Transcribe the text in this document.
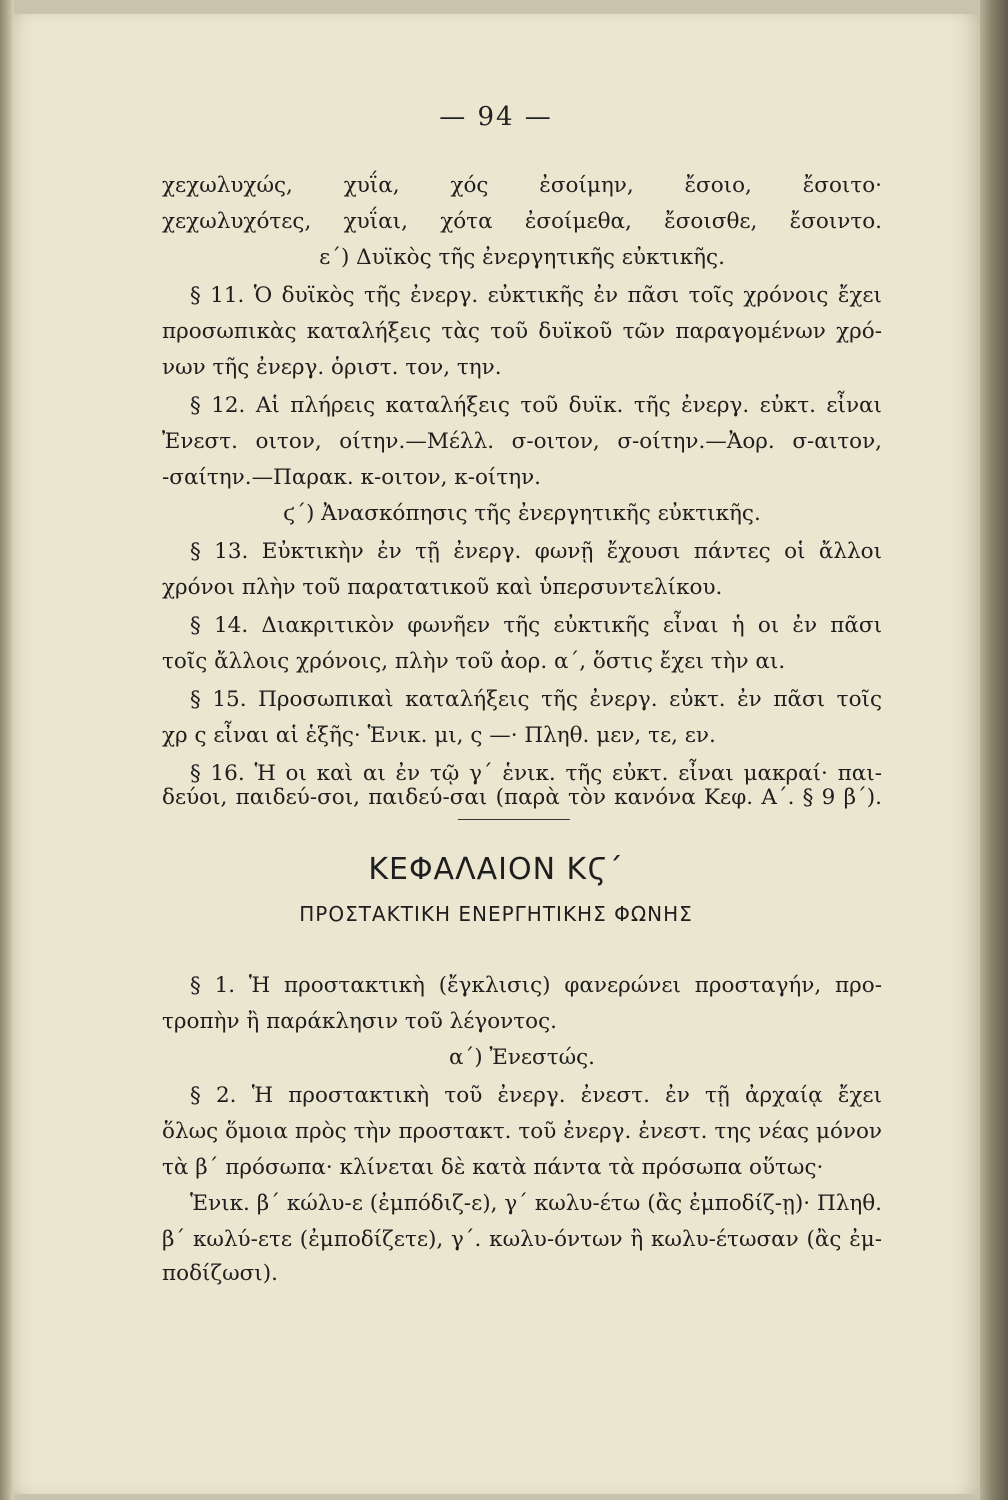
— 94 —
χεχωλυχώς, χυΐα, χός ἐσοίμην, ἔσοιο, ἔσοιτο·
χεχωλυχότες, χυΐαι, χότα ἐσοίμεθα, ἔσοισθε, ἔσοιντο.
ε΄) Δυϊκὸς τῆς ἐνεργητικῆς εὐκτικῆς.
§ 11. Ὁ δυϊκὸς τῆς ἐνεργ. εὐκτικῆς ἐν πᾶσι τοῖς χρόνοις ἔχει
προσωπικὰς καταλήξεις τὰς τοῦ δυϊκοῦ τῶν παραγομένων χρό-
νων τῆς ἐνεργ. ὁριστ. τον, την.
§ 12. Αἱ πλήρεις καταλήξεις τοῦ δυϊκ. τῆς ἐνεργ. εὐκτ. εἶναι
Ἐνεστ. οιτον, οίτην.—Μέλλ. σ-οιτον, σ-οίτην.—Ἀορ. σ-αιτον,
-σαίτην.—Παρακ. κ-οιτον, κ-οίτην.
ϛ΄) Ἀνασκόπησις τῆς ἐνεργητικῆς εὐκτικῆς.
§ 13. Εὐκτικὴν ἐν τῇ ἐνεργ. φωνῇ ἔχουσι πάντες οἱ ἄλλοι
χρόνοι πλὴν τοῦ παρατατικοῦ καὶ ὑπερσυντελίκου.
§ 14. Διακριτικὸν φωνῆεν τῆς εὐκτικῆς εἶναι ἡ οι ἐν πᾶσι
τοῖς ἄλλοις χρόνοις, πλὴν τοῦ ἀορ. α΄, ὅστις ἔχει τὴν αι.
§ 15. Προσωπικαὶ καταλήξεις τῆς ἐνεργ. εὐκτ. ἐν πᾶσι τοῖς
χρ ς εἶναι αἱ ἑξῆς· Ἑνικ. μι, ς —· Πληθ. μεν, τε, εν.
§ 16. Ἡ οι καὶ αι ἐν τῷ γ΄ ἑνικ. τῆς εὐκτ. εἶναι μακραί· παι-
δεύοι, παιδεύ-σοι, παιδεύ-σαι (παρὰ τὸν κανόνα Κεφ. Α΄. § 9 β΄).
ΚΕΦΑΛΑΙΟΝ ΚϚ΄
ΠΡΟΣΤΑΚΤΙΚΗ ΕΝΕΡΓΗΤΙΚΗΣ ΦΩΝΗΣ
§ 1. Ἡ προστακτικὴ (ἔγκλισις) φανερώνει προσταγήν, προ-
τροπὴν ἢ παράκλησιν τοῦ λέγοντος.
α΄) Ἐνεστώς.
§ 2. Ἡ προστακτικὴ τοῦ ἐνεργ. ἐνεστ. ἐν τῇ ἀρχαίᾳ ἔχει
ὅλως ὅμοια πρὸς τὴν προστακτ. τοῦ ἐνεργ. ἐνεστ. της νέας μόνον
τὰ β΄ πρόσωπα· κλίνεται δὲ κατὰ πάντα τὰ πρόσωπα οὕτως·
Ἑνικ. β΄ κώλυ-ε (ἐμπόδιζ-ε), γ΄ κωλυ-έτω (ἂς ἐμποδίζ-ῃ)· Πληθ.
β΄ κωλύ-ετε (ἐμποδίζετε), γ΄. κωλυ-όντων ἢ κωλυ-έτωσαν (ἂς ἐμ-
ποδίζωσι).
